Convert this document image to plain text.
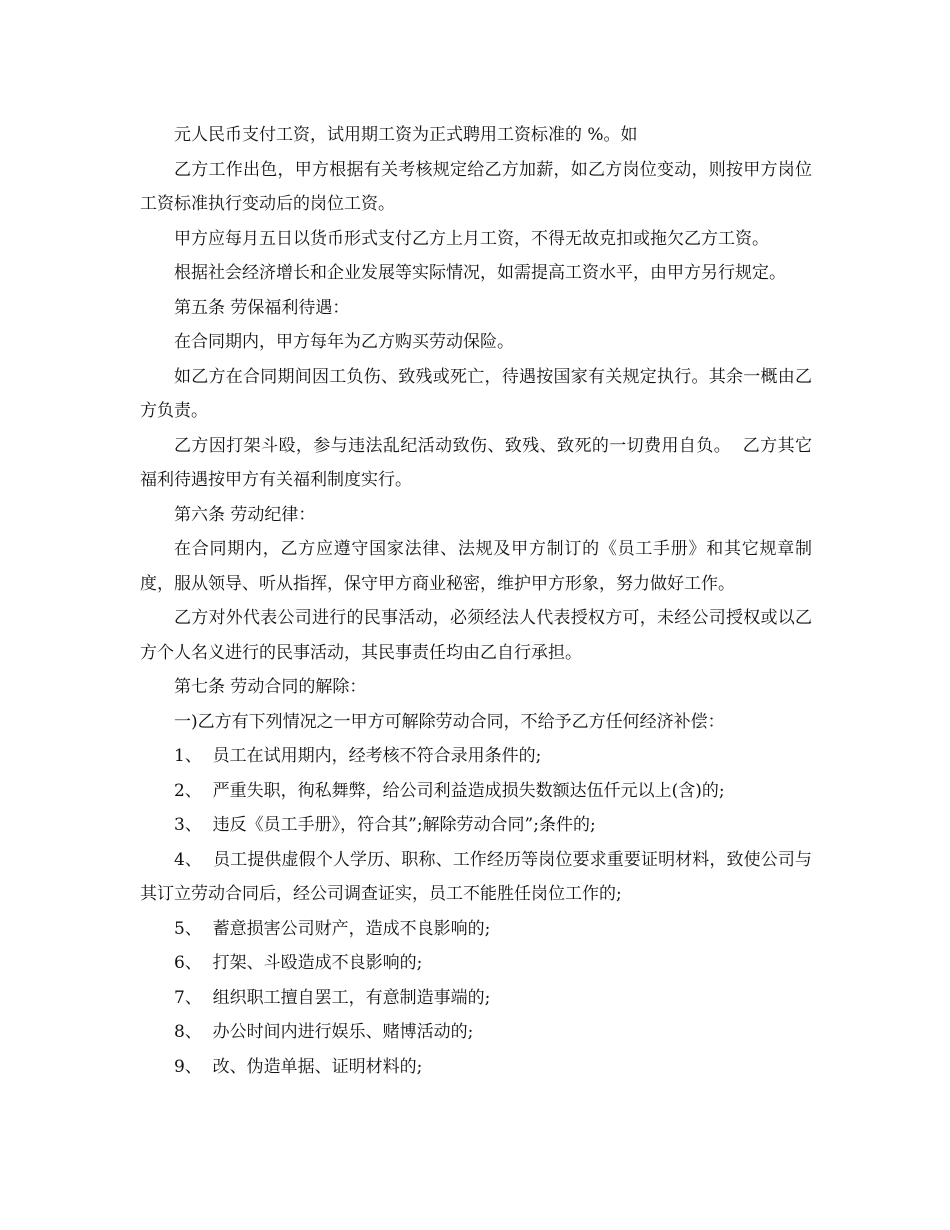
元人民币支付工资，试用期工资为正式聘用工资标准的 %。如

乙方工作出色，甲方根据有关考核规定给乙方加薪，如乙方岗位变动，则按甲方岗位工资标准执行变动后的岗位工资。

甲方应每月五日以货币形式支付乙方上月工资，不得无故克扣或拖欠乙方工资。

根据社会经济增长和企业发展等实际情况，如需提高工资水平，由甲方另行规定。

第五条 劳保福利待遇：

在合同期内，甲方每年为乙方购买劳动保险。

如乙方在合同期间因工负伤、致残或死亡，待遇按国家有关规定执行。其余一概由乙方负责。

乙方因打架斗殴，参与违法乱纪活动致伤、致残、致死的一切费用自负。  乙方其它福利待遇按甲方有关福利制度实行。

第六条 劳动纪律：

在合同期内，乙方应遵守国家法律、法规及甲方制订的《员工手册》和其它规章制度，服从领导、听从指挥，保守甲方商业秘密，维护甲方形象，努力做好工作。

乙方对外代表公司进行的民事活动，必须经法人代表授权方可，未经公司授权或以乙方个人名义进行的民事活动，其民事责任均由乙自行承担。

第七条 劳动合同的解除：

一)乙方有下列情况之一甲方可解除劳动合同，不给予乙方任何经济补偿：

1、  员工在试用期内，经考核不符合录用条件的;

2、  严重失职，徇私舞弊，给公司利益造成损失数额达伍仟元以上(含)的;

3、  违反《员工手册》，符合其”;解除劳动合同”;条件的;

4、  员工提供虚假个人学历、职称、工作经历等岗位要求重要证明材料，致使公司与其订立劳动合同后，经公司调查证实，员工不能胜任岗位工作的;

5、  蓄意损害公司财产，造成不良影响的;

6、  打架、斗殴造成不良影响的;

7、  组织职工擅自罢工，有意制造事端的;

8、  办公时间内进行娱乐、赌博活动的;

9、  改、伪造单据、证明材料的;
